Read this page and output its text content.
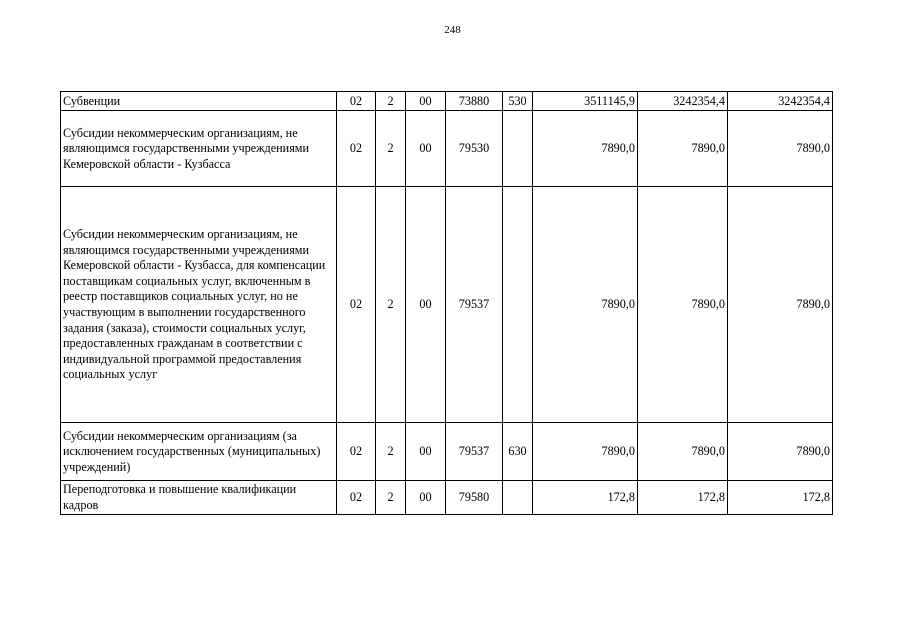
248
Субвенции	02	2	00	73880	530	3511145,9	3242354,4	3242354,4
Субсидии некоммерческим организациям, не являющимся государственными учреждениями Кемеровской области - Кузбасса	02	2	00	79530		7890,0	7890,0	7890,0
Субсидии некоммерческим организациям, не являющимся государственными учреждениями Кемеровской области - Кузбасса, для компенсации поставщикам социальных услуг, включенным в реестр поставщиков социальных услуг, но не участвующим в выполнении государственного задания (заказа), стоимости социальных услуг, предоставленных гражданам в соответствии с индивидуальной программой предоставления социальных услуг	02	2	00	79537		7890,0	7890,0	7890,0
Субсидии некоммерческим организациям (за исключением государственных (муниципальных) учреждений)	02	2	00	79537	630	7890,0	7890,0	7890,0
Переподготовка и повышение квалификации кадров	02	2	00	79580		172,8	172,8	172,8
